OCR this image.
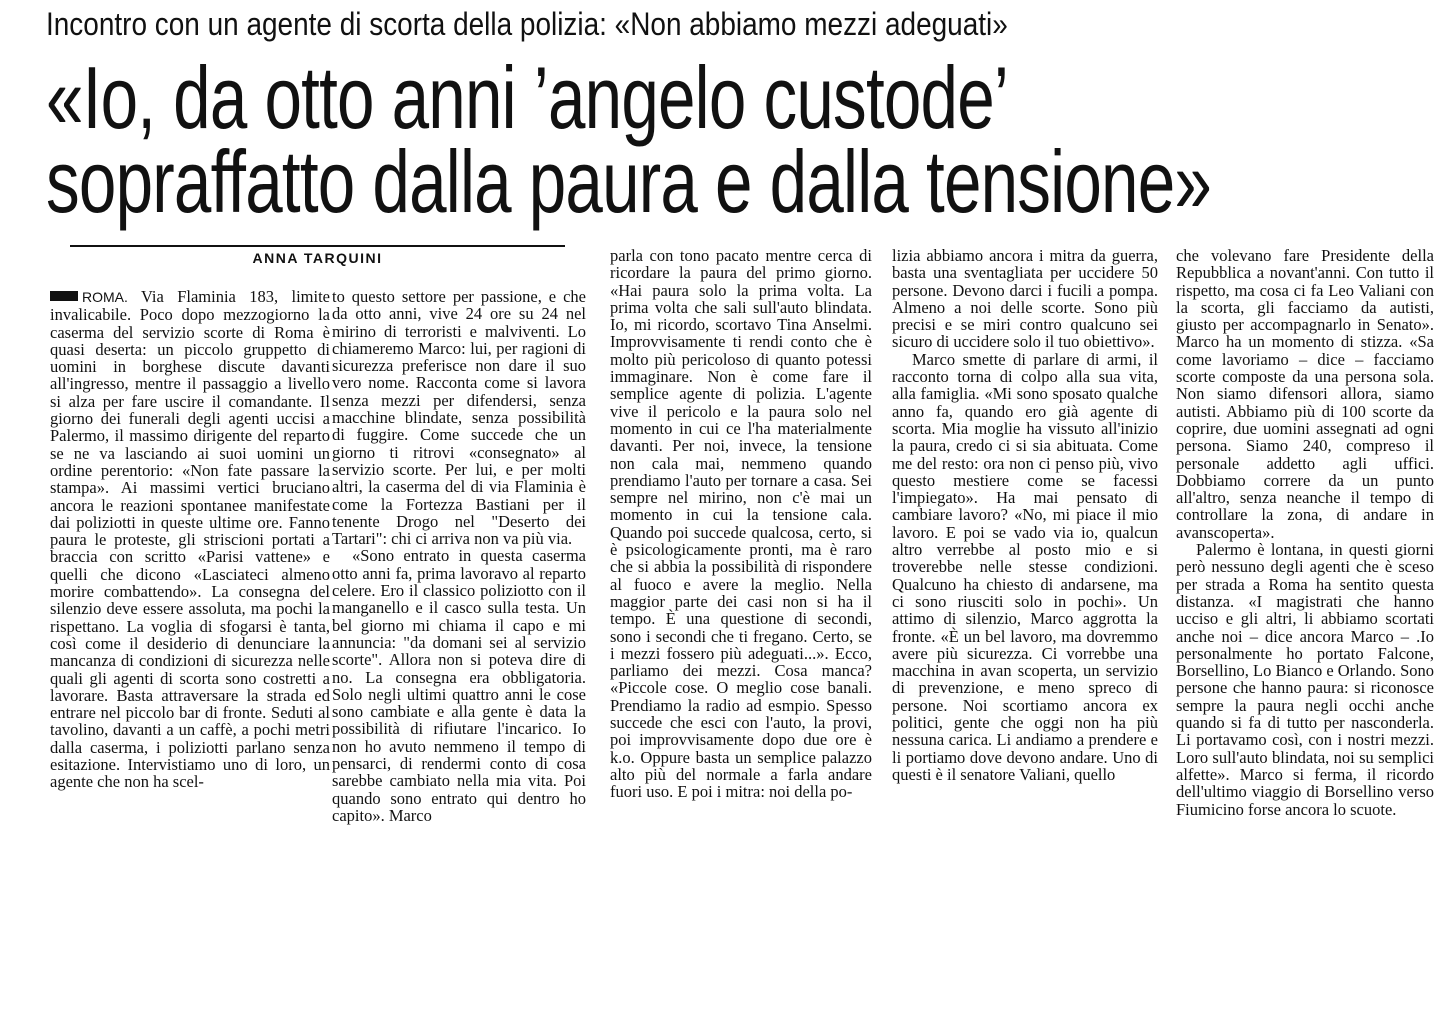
Incontro con un agente di scorta della polizia: «Non abbiamo mezzi adeguati»
«Io, da otto anni ’angelo custode’
sopraffatto dalla paura e dalla tensione»
ANNA TARQUINI

ROMA. Via Flaminia 183, limite invalicabile. Poco dopo mezzogiorno la caserma del servizio scorte di Roma è quasi deserta: un piccolo gruppetto di uomini in borghese discute davanti all'ingresso, mentre il passaggio a livello si alza per fare uscire il comandante. Il giorno dei funerali degli agenti uccisi a Palermo, il massimo dirigente del reparto se ne va lasciando ai suoi uomini un ordine perentorio: «Non fate passare la stampa». Ai massimi vertici bruciano ancora le reazioni spontanee manifestate dai poliziotti in queste ultime ore. Fanno paura le proteste, gli striscioni portati a braccia con scritto «Parisi vattene» e quelli che dicono «Lasciateci almeno morire combattendo». La consegna del silenzio deve essere assoluta, ma pochi la rispettano. La voglia di sfogarsi è tanta, così come il desiderio di denunciare la mancanza di condizioni di sicurezza nelle quali gli agenti di scorta sono costretti a lavorare. Basta attraversare la strada ed entrare nel piccolo bar di fronte. Seduti al tavolino, davanti a un caffè, a pochi metri dalla caserma, i poliziotti parlano senza esitazione. Intervistiamo uno di loro, un agente che non ha scel-

to questo settore per passione, e che da otto anni, vive 24 ore su 24 nel mirino di terroristi e malviventi. Lo chiameremo Marco: lui, per ragioni di sicurezza preferisce non dare il suo vero nome. Racconta come si lavora senza mezzi per difendersi, senza macchine blindate, senza possibilità di fuggire. Come succede che un giorno ti ritrovi «consegnato» al servizio scorte. Per lui, e per molti altri, la caserma del di via Flaminia è come la Fortezza Bastiani per il tenente Drogo nel "Deserto dei Tartari": chi ci arriva non va più via.

«Sono entrato in questa caserma otto anni fa, prima lavoravo al reparto celere. Ero il classico poliziotto con il manganello e il casco sulla testa. Un bel giorno mi chiama il capo e mi annuncia: "da domani sei al servizio scorte". Allora non si poteva dire di no. La consegna era obbligatoria. Solo negli ultimi quattro anni le cose sono cambiate e alla gente è data la possibilità di rifiutare l'incarico. Io non ho avuto nemmeno il tempo di pensarci, di rendermi conto di cosa sarebbe cambiato nella mia vita. Poi quando sono entrato qui dentro ho capito». Marco

parla con tono pacato mentre cerca di ricordare la paura del primo giorno. «Hai paura solo la prima volta. La prima volta che sali sull'auto blindata. Io, mi ricordo, scortavo Tina Anselmi. Improvvisamente ti rendi conto che è molto più pericoloso di quanto potessi immaginare. Non è come fare il semplice agente di polizia. L'agente vive il pericolo e la paura solo nel momento in cui ce l'ha materialmente davanti. Per noi, invece, la tensione non cala mai, nemmeno quando prendiamo l'auto per tornare a casa. Sei sempre nel mirino, non c'è mai un momento in cui la tensione cala. Quando poi succede qualcosa, certo, si è psicologicamente pronti, ma è raro che si abbia la possibilità di rispondere al fuoco e avere la meglio. Nella maggior parte dei casi non si ha il tempo. È una questione di secondi, sono i secondi che ti fregano. Certo, se i mezzi fossero più adeguati...». Ecco, parliamo dei mezzi. Cosa manca? «Piccole cose. O meglio cose banali. Prendiamo la radio ad esmpio. Spesso succede che esci con l'auto, la provi, poi improvvisamente dopo due ore è k.o. Oppure basta un semplice palazzo alto più del normale a farla andare fuori uso. E poi i mitra: noi della po-

lizia abbiamo ancora i mitra da guerra, basta una sventagliata per uccidere 50 persone. Devono darci i fucili a pompa. Almeno a noi delle scorte. Sono più precisi e se miri contro qualcuno sei sicuro di uccidere solo il tuo obiettivo».

Marco smette di parlare di armi, il racconto torna di colpo alla sua vita, alla famiglia. «Mi sono sposato qualche anno fa, quando ero già agente di scorta. Mia moglie ha vissuto all'inizio la paura, credo ci si sia abituata. Come me del resto: ora non ci penso più, vivo questo mestiere come se facessi l'impiegato». Ha mai pensato di cambiare lavoro? «No, mi piace il mio lavoro. E poi se vado via io, qualcun altro verrebbe al posto mio e si troverebbe nelle stesse condizioni. Qualcuno ha chiesto di andarsene, ma ci sono riusciti solo in pochi». Un attimo di silenzio, Marco aggrotta la fronte. «È un bel lavoro, ma dovremmo avere più sicurezza. Ci vorrebbe una macchina in avan scoperta, un servizio di prevenzione, e meno spreco di persone. Noi scortiamo ancora ex politici, gente che oggi non ha più nessuna carica. Li andiamo a prendere e li portiamo dove devono andare. Uno di questi è il senatore Valiani, quello

che volevano fare Presidente della Repubblica a novant'anni. Con tutto il rispetto, ma cosa ci fa Leo Valiani con la scorta, gli facciamo da autisti, giusto per accompagnarlo in Senato». Marco ha un momento di stizza. «Sa come lavoriamo – dice – facciamo scorte composte da una persona sola. Non siamo difensori allora, siamo autisti. Abbiamo più di 100 scorte da coprire, due uomini assegnati ad ogni persona. Siamo 240, compreso il personale addetto agli uffici. Dobbiamo correre da un punto all'altro, senza neanche il tempo di controllare la zona, di andare in avanscoperta».

Palermo è lontana, in questi giorni però nessuno degli agenti che è sceso per strada a Roma ha sentito questa distanza. «I magistrati che hanno ucciso e gli altri, li abbiamo scortati anche noi – dice ancora Marco – .Io personalmente ho portato Falcone, Borsellino, Lo Bianco e Orlando. Sono persone che hanno paura: si riconosce sempre la paura negli occhi anche quando si fa di tutto per nasconderla. Li portavamo così, con i nostri mezzi. Loro sull'auto blindata, noi su semplici alfette». Marco si ferma, il ricordo dell'ultimo viaggio di Borsellino verso Fiumicino forse ancora lo scuote.
